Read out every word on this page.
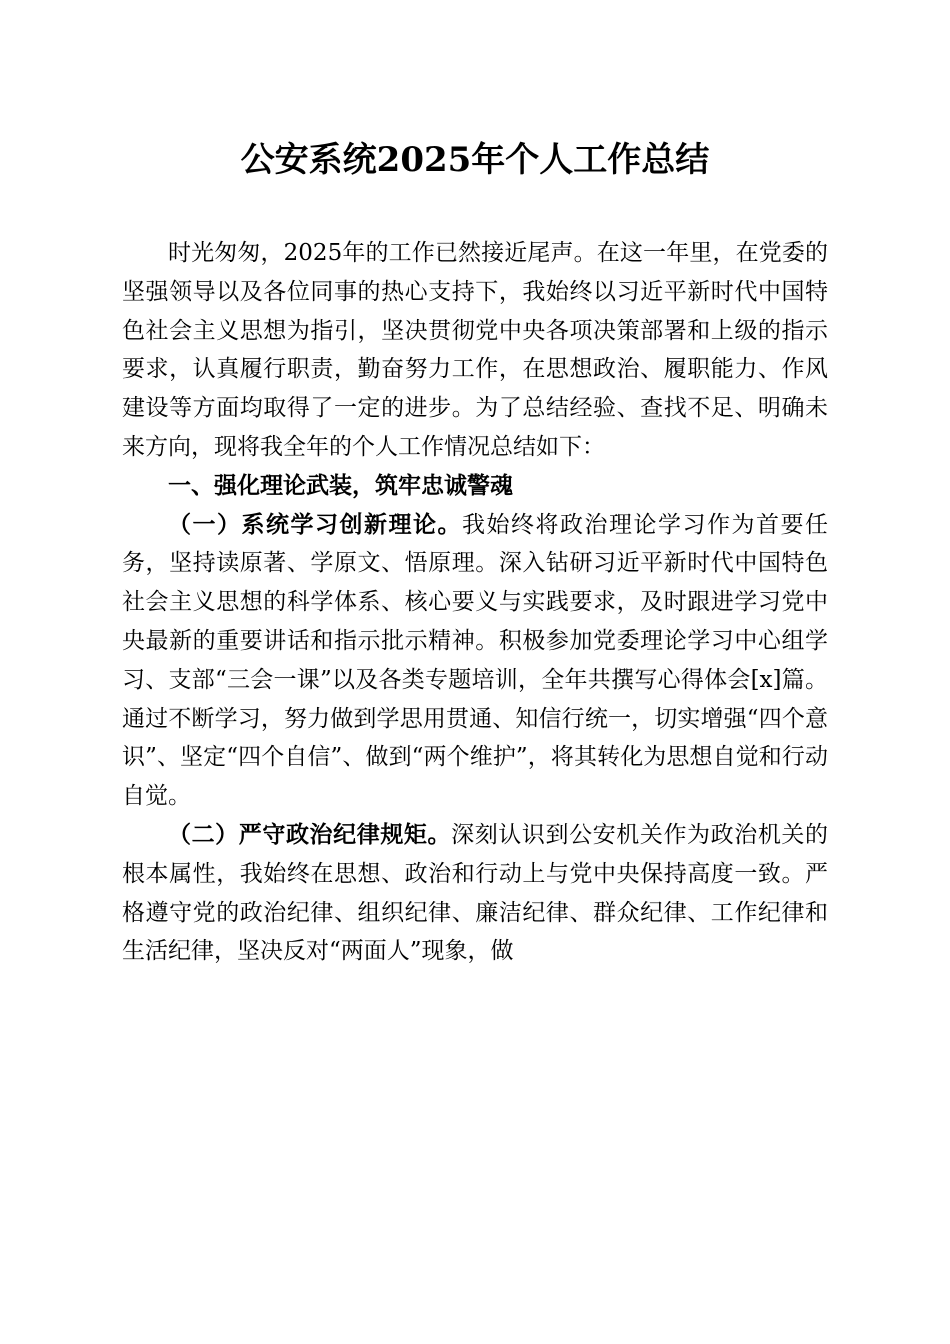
公安系统2025年个人工作总结

时光匆匆，2025年的工作已然接近尾声。在这一年里，在党委的坚强领导以及各位同事的热心支持下，我始终以习近平新时代中国特色社会主义思想为指引，坚决贯彻党中央各项决策部署和上级的指示要求，认真履行职责，勤奋努力工作，在思想政治、履职能力、作风建设等方面均取得了一定的进步。为了总结经验、查找不足、明确未来方向，现将我全年的个人工作情况总结如下：

一、强化理论武装，筑牢忠诚警魂

（一）系统学习创新理论。我始终将政治理论学习作为首要任务，坚持读原著、学原文、悟原理。深入钻研习近平新时代中国特色社会主义思想的科学体系、核心要义与实践要求，及时跟进学习党中央最新的重要讲话和指示批示精神。积极参加党委理论学习中心组学习、支部“三会一课”以及各类专题培训，全年共撰写心得体会[x]篇。通过不断学习，努力做到学思用贯通、知信行统一，切实增强“四个意识”、坚定“四个自信”、做到“两个维护”，将其转化为思想自觉和行动自觉。

（二）严守政治纪律规矩。深刻认识到公安机关作为政治机关的根本属性，我始终在思想、政治和行动上与党中央保持高度一致。严格遵守党的政治纪律、组织纪律、廉洁纪律、群众纪律、工作纪律和生活纪律，坚决反对“两面人”现象，做
